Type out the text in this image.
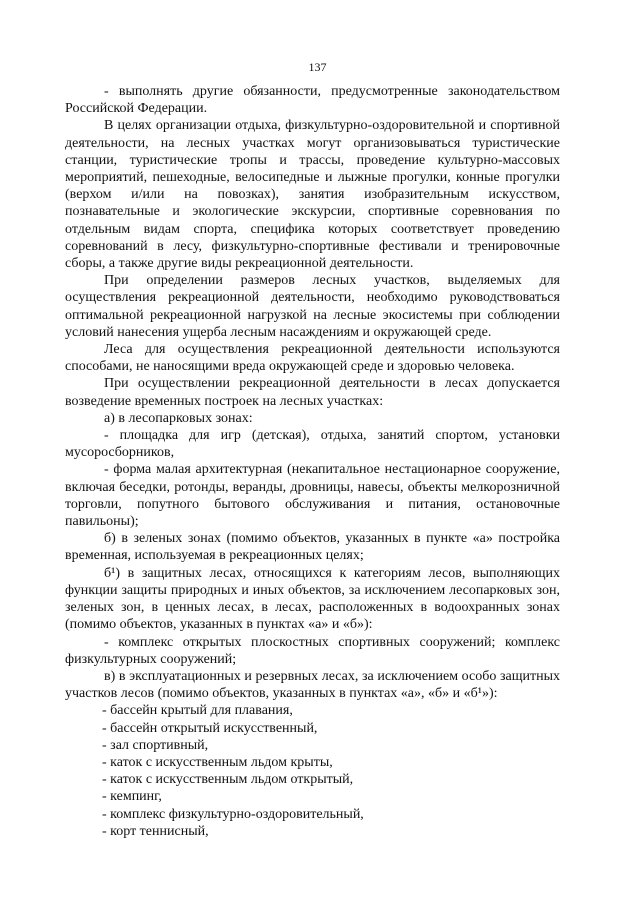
137

- выполнять другие обязанности, предусмотренные законодательством Российской Федерации.

В целях организации отдыха, физкультурно-оздоровительной и спортивной деятельности, на лесных участках могут организовываться туристические станции, туристические тропы и трассы, проведение культурно-массовых мероприятий, пешеходные, велосипедные и лыжные прогулки, конные прогулки (верхом и/или на повозках), занятия изобразительным искусством, познавательные и экологические экскурсии, спортивные соревнования по отдельным видам спорта, специфика которых соответствует проведению соревнований в лесу, физкультурно-спортивные фестивали и тренировочные сборы, а также другие виды рекреационной деятельности.

При определении размеров лесных участков, выделяемых для осуществления рекреационной деятельности, необходимо руководствоваться оптимальной рекреационной нагрузкой на лесные экосистемы при соблюдении условий нанесения ущерба лесным насаждениям и окружающей среде.

Леса для осуществления рекреационной деятельности используются способами, не наносящими вреда окружающей среде и здоровью человека.

При осуществлении рекреационной деятельности в лесах допускается возведение временных построек на лесных участках:

а) в лесопарковых зонах:

- площадка для игр (детская), отдыха, занятий спортом, установки мусоросборников,

- форма малая архитектурная (некапитальное нестационарное сооружение, включая беседки, ротонды, веранды, дровницы, навесы, объекты мелкорозничной торговли, попутного бытового обслуживания и питания, остановочные павильоны);

б) в зеленых зонах (помимо объектов, указанных в пункте «а» постройка временная, используемая в рекреационных целях;

б¹) в защитных лесах, относящихся к категориям лесов, выполняющих функции защиты природных и иных объектов, за исключением лесопарковых зон, зеленых зон, в ценных лесах, в лесах, расположенных в водоохранных зонах (помимо объектов, указанных в пунктах «а» и «б»):

- комплекс открытых плоскостных спортивных сооружений; комплекс физкультурных сооружений;

в) в эксплуатационных и резервных лесах, за исключением особо защитных участков лесов (помимо объектов, указанных в пунктах «а», «б» и «б¹»):

- бассейн крытый для плавания,
- бассейн открытый искусственный,
- зал спортивный,
- каток с искусственным льдом крыты,
- каток с искусственным льдом открытый,
- кемпинг,
- комплекс физкультурно-оздоровительный,
- корт теннисный,
